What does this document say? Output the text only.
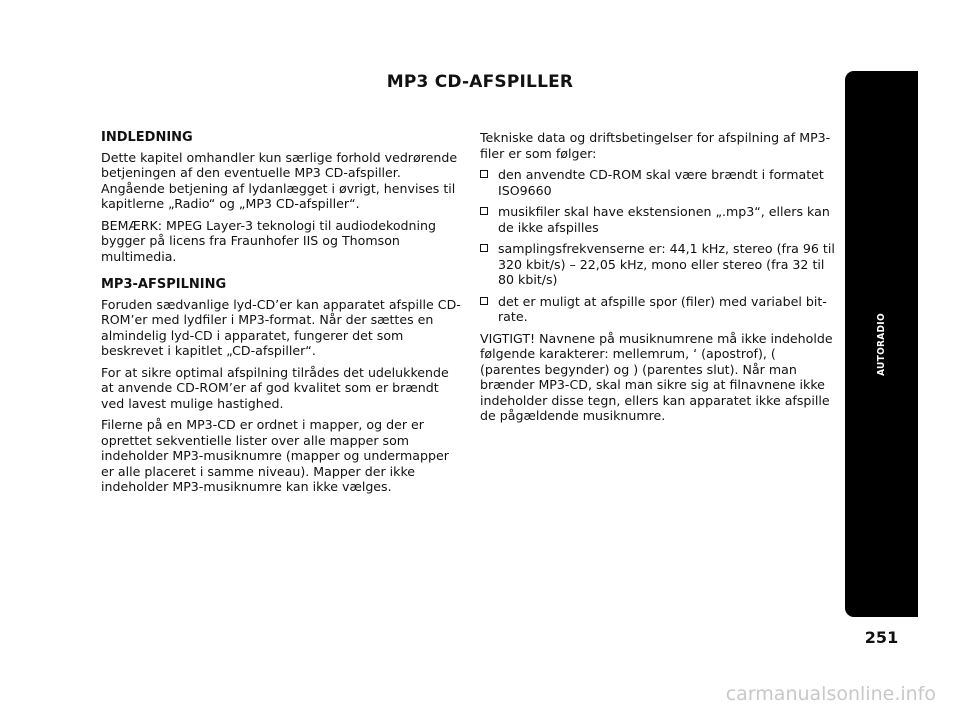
MP3 CD-AFSPILLER
INDLEDNING

Dette kapitel omhandler kun særlige forhold vedrørende betjeningen af den eventuelle MP3 CD-afspiller. Angående betjening af lydanlægget i øvrigt, henvises til kapitlerne „Radio“ og „MP3 CD-afspiller“.

BEMÆRK: MPEG Layer-3 teknologi til audiodekodning bygger på licens fra Fraunhofer IIS og Thomson multimedia.

MP3-AFSPILNING

Foruden sædvanlige lyd-CD’er kan apparatet afspille CD-ROM’er med lydfiler i MP3-format. Når der sættes en almindelig lyd-CD i apparatet, fungerer det som beskrevet i kapitlet „CD-afspiller“.

For at sikre optimal afspilning tilrådes det udelukkende at anvende CD-ROM’er af god kvalitet som er brændt ved lavest mulige hastighed.

Filerne på en MP3-CD er ordnet i mapper, og der er oprettet sekventielle lister over alle mapper som indeholder MP3-musiknumre (mapper og undermapper er alle placeret i samme niveau). Mapper der ikke indeholder MP3-musiknumre kan ikke vælges.

Tekniske data og driftsbetingelser for afspilning af MP3-filer er som følger:

den anvendte CD-ROM skal være brændt i formatet ISO9660
musikfiler skal have ekstensionen „.mp3“, ellers kan de ikke afspilles
samplingsfrekvenserne er: 44,1 kHz, stereo (fra 96 til 320 kbit/s) – 22,05 kHz, mono eller stereo (fra 32 til 80 kbit/s)
det er muligt at afspille spor (filer) med variabel bit-rate.

VIGTIGT! Navnene på musiknumrene må ikke indeholde følgende karakterer: mellemrum, ‘ (apostrof), ( (parentes begynder) og ) (parentes slut). Når man brænder MP3-CD, skal man sikre sig at filnavnene ikke indeholder disse tegn, ellers kan apparatet ikke afspille de pågældende musiknumre.

AUTORADIO
251
carmanualsonline.info
